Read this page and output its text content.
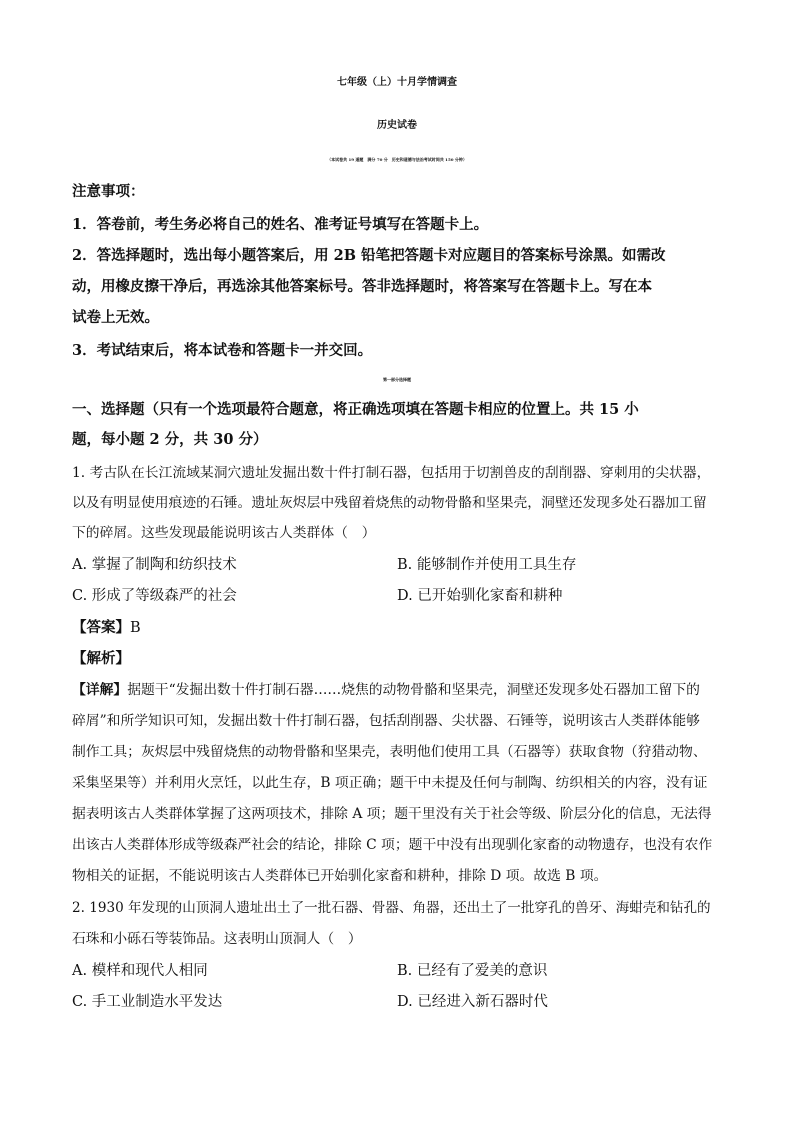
七年级（上）十月学情调查
历史试卷
（本试卷共 19 道题　满分 70 分　历史和道德与法治考试时间共 150 分钟）
注意事项：
1．答卷前，考生务必将自己的姓名、准考证号填写在答题卡上。
2．答选择题时，选出每小题答案后，用 2B 铅笔把答题卡对应题目的答案标号涂黑。如需改
动，用橡皮擦干净后，再选涂其他答案标号。答非选择题时，将答案写在答题卡上。写在本
试卷上无效。
3．考试结束后，将本试卷和答题卡一并交回。
第一部分选择题
一、选择题（只有一个选项最符合题意，将正确选项填在答题卡相应的位置上。共 15 小
题，每小题 2 分，共 30 分）
1. 考古队在长江流域某洞穴遗址发掘出数十件打制石器，包括用于切割兽皮的刮削器、穿刺用的尖状器，
以及有明显使用痕迹的石锤。遗址灰烬层中残留着烧焦的动物骨骼和坚果壳，洞壁还发现多处石器加工留
下的碎屑。这些发现最能说明该古人类群体（　）
A. 掌握了制陶和纺织技术	B. 能够制作并使用工具生存
C. 形成了等级森严的社会	D. 已开始驯化家畜和耕种
【答案】B
【解析】
【详解】据题干“发掘出数十件打制石器……烧焦的动物骨骼和坚果壳，洞壁还发现多处石器加工留下的
碎屑”和所学知识可知，发掘出数十件打制石器，包括刮削器、尖状器、石锤等，说明该古人类群体能够
制作工具；灰烬层中残留烧焦的动物骨骼和坚果壳，表明他们使用工具（石器等）获取食物（狩猎动物、
采集坚果等）并利用火烹饪，以此生存，B 项正确；题干中未提及任何与制陶、纺织相关的内容，没有证
据表明该古人类群体掌握了这两项技术，排除 A 项；题干里没有关于社会等级、阶层分化的信息，无法得
出该古人类群体形成等级森严社会的结论，排除 C 项；题干中没有出现驯化家畜的动物遗存，也没有农作
物相关的证据，不能说明该古人类群体已开始驯化家畜和耕种，排除 D 项。故选 B 项。
2. 1930 年发现的山顶洞人遗址出土了一批石器、骨器、角器，还出土了一批穿孔的兽牙、海蚶壳和钻孔的
石珠和小砾石等装饰品。这表明山顶洞人（　）
A. 模样和现代人相同	B. 已经有了爱美的意识
C. 手工业制造水平发达	D. 已经进入新石器时代
